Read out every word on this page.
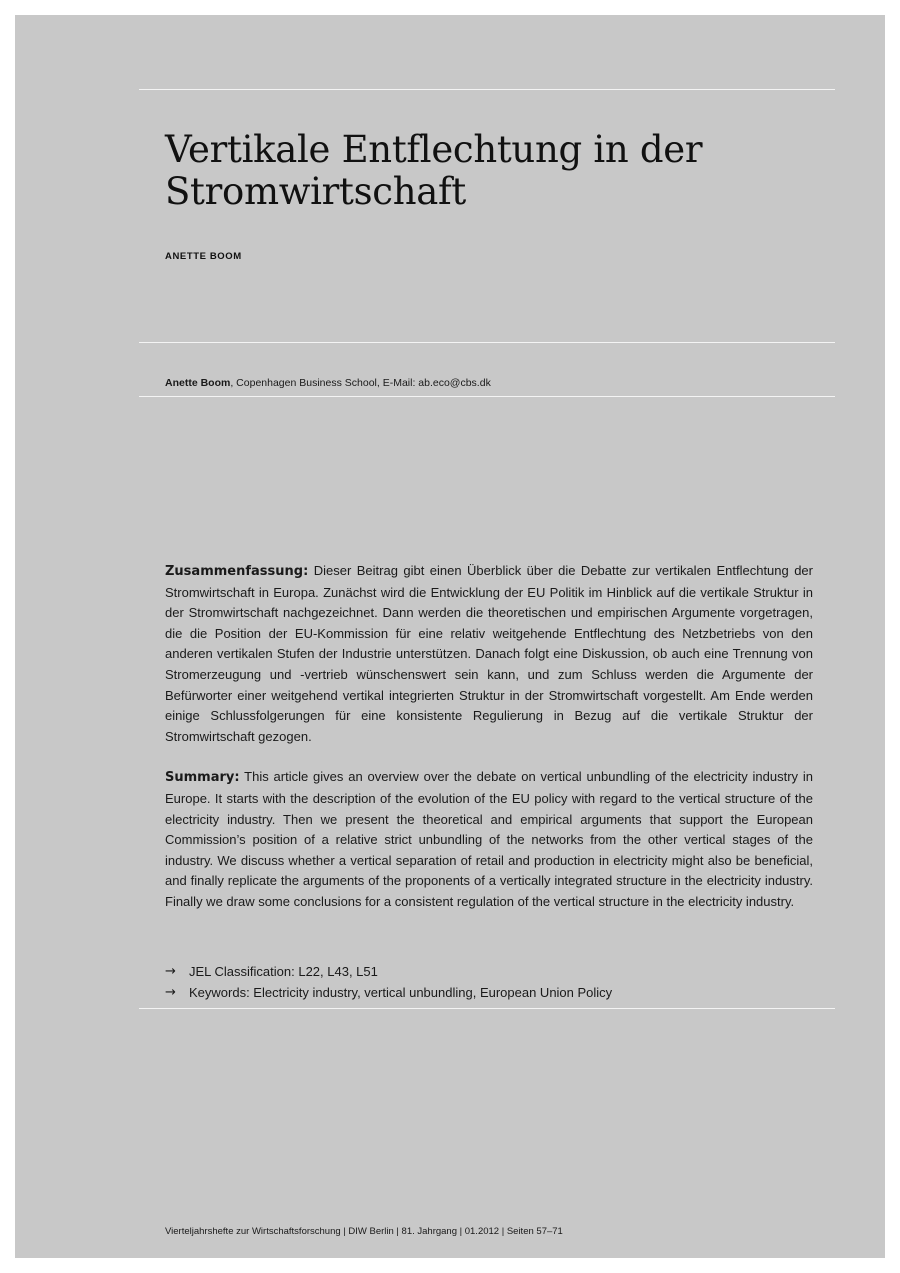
Vertikale Entflechtung in der Stromwirtschaft
ANETTE BOOM
Anette Boom, Copenhagen Business School, E-Mail: ab.eco@cbs.dk

Zusammenfassung: Dieser Beitrag gibt einen Überblick über die Debatte zur vertikalen Entflechtung der Stromwirtschaft in Europa. Zunächst wird die Entwicklung der EU Politik im Hinblick auf die vertikale Struktur in der Stromwirtschaft nachgezeichnet. Dann werden die theoretischen und empirischen Argumente vorgetragen, die die Position der EU-Kommission für eine relativ weitgehende Entflechtung des Netzbetriebs von den anderen vertikalen Stufen der Industrie unterstützen. Danach folgt eine Diskussion, ob auch eine Trennung von Stromerzeugung und -vertrieb wünschenswert sein kann, und zum Schluss werden die Argumente der Befürworter einer weitgehend vertikal integrierten Struktur in der Stromwirtschaft vorgestellt. Am Ende werden einige Schlussfolgerungen für eine konsistente Regulierung in Bezug auf die vertikale Struktur der Stromwirtschaft gezogen.

Summary: This article gives an overview over the debate on vertical unbundling of the electricity industry in Europe. It starts with the description of the evolution of the EU policy with regard to the vertical structure of the electricity industry. Then we present the theoretical and empirical arguments that support the European Commission’s position of a relative strict unbundling of the networks from the other vertical stages of the industry. We discuss whether a vertical separation of retail and production in electricity might also be beneficial, and finally replicate the arguments of the proponents of a vertically integrated structure in the electricity industry. Finally we draw some conclusions for a consistent regulation of the vertical structure in the electricity industry.

→	JEL Classification: L22, L43, L51
→	Keywords: Electricity industry, vertical unbundling, European Union Policy
Vierteljahrshefte zur Wirtschaftsforschung | DIW Berlin | 81. Jahrgang | 01.2012 | Seiten 57–71
